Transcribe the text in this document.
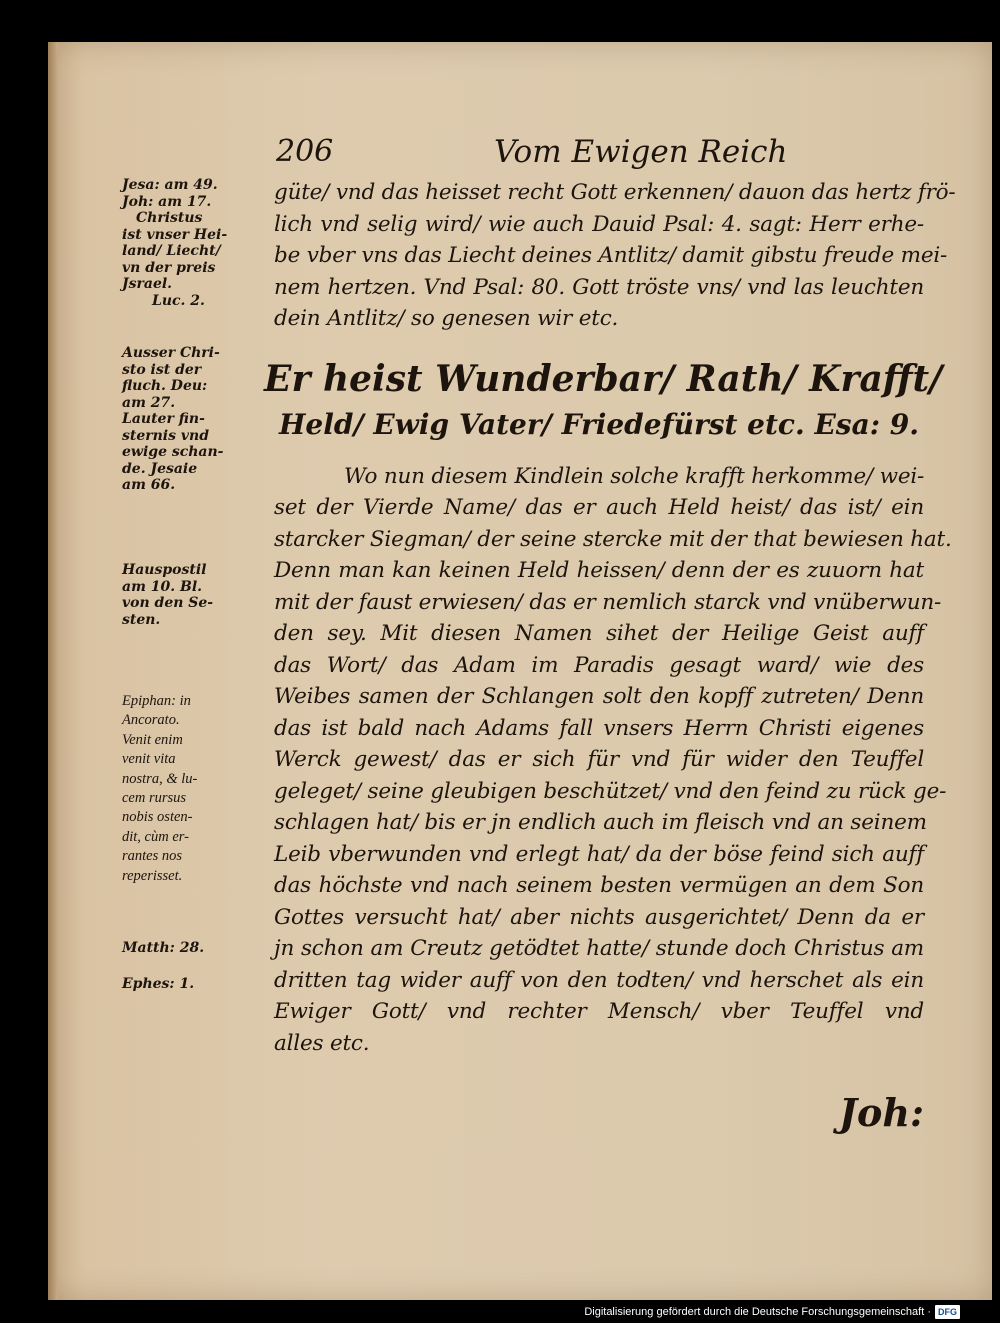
206	Vom Ewigen Reich
Jesa: am 49.
Joh: am 17.
Christus
ist vnser Hei-
land/ Liecht/
vn der preis
Jsrael.
Luc. 2.
Ausser Chri-
sto ist der
fluch. Deu:
am 27.
Lauter fin-
sternis vnd
ewige schan-
de. Jesaie
am 66.
Hauspostil
am 10. Bl.
von den Se-
sten.
Epiphan: in
Ancorato.
Venit enim
venit vita
nostra, & lu-
cem rursus
nobis osten-
dit, cùm er-
rantes nos
reperisset.
Matth: 28.
Ephes: 1.
güte/ vnd das heisset recht Gott erkennen/ dauon das hertz frö-
lich vnd selig wird/ wie auch Dauid Psal: 4. sagt: Herr erhe-
be vber vns das Liecht deines Antlitz/ damit gibstu freude mei-
nem hertzen. Vnd Psal: 80. Gott tröste vns/ vnd las leuchten
dein Antlitz/ so genesen wir etc.
Er heist Wunderbar/ Rath/ Krafft/
Held/ Ewig Vater/ Friedefürst etc. Esa: 9.
Wo nun diesem Kindlein solche krafft herkomme/ wei-
set der Vierde Name/ das er auch Held heist/ das ist/ ein
starcker Siegman/ der seine stercke mit der that bewiesen hat.
Denn man kan keinen Held heissen/ denn der es zuuorn hat
mit der faust erwiesen/ das er nemlich starck vnd vnüberwun-
den sey. Mit diesen Namen sihet der Heilige Geist auff
das Wort/ das Adam im Paradis gesagt ward/ wie des
Weibes samen der Schlangen solt den kopff zutreten/ Denn
das ist bald nach Adams fall vnsers Herrn Christi eigenes
Werck gewest/ das er sich für vnd für wider den Teuffel
geleget/ seine gleubigen beschützet/ vnd den feind zu rück ge-
schlagen hat/ bis er jn endlich auch im fleisch vnd an seinem
Leib vberwunden vnd erlegt hat/ da der böse feind sich auff
das höchste vnd nach seinem besten vermügen an dem Son
Gottes versucht hat/ aber nichts ausgerichtet/ Denn da er
jn schon am Creutz getödtet hatte/ stunde doch Christus am
dritten tag wider auff von den todten/ vnd herschet als ein
Ewiger Gott/ vnd rechter Mensch/ vber Teuffel vnd
alles etc.
Joh:
Digitalisierung gefördert durch die Deutsche Forschungsgemeinschaft · DFG
